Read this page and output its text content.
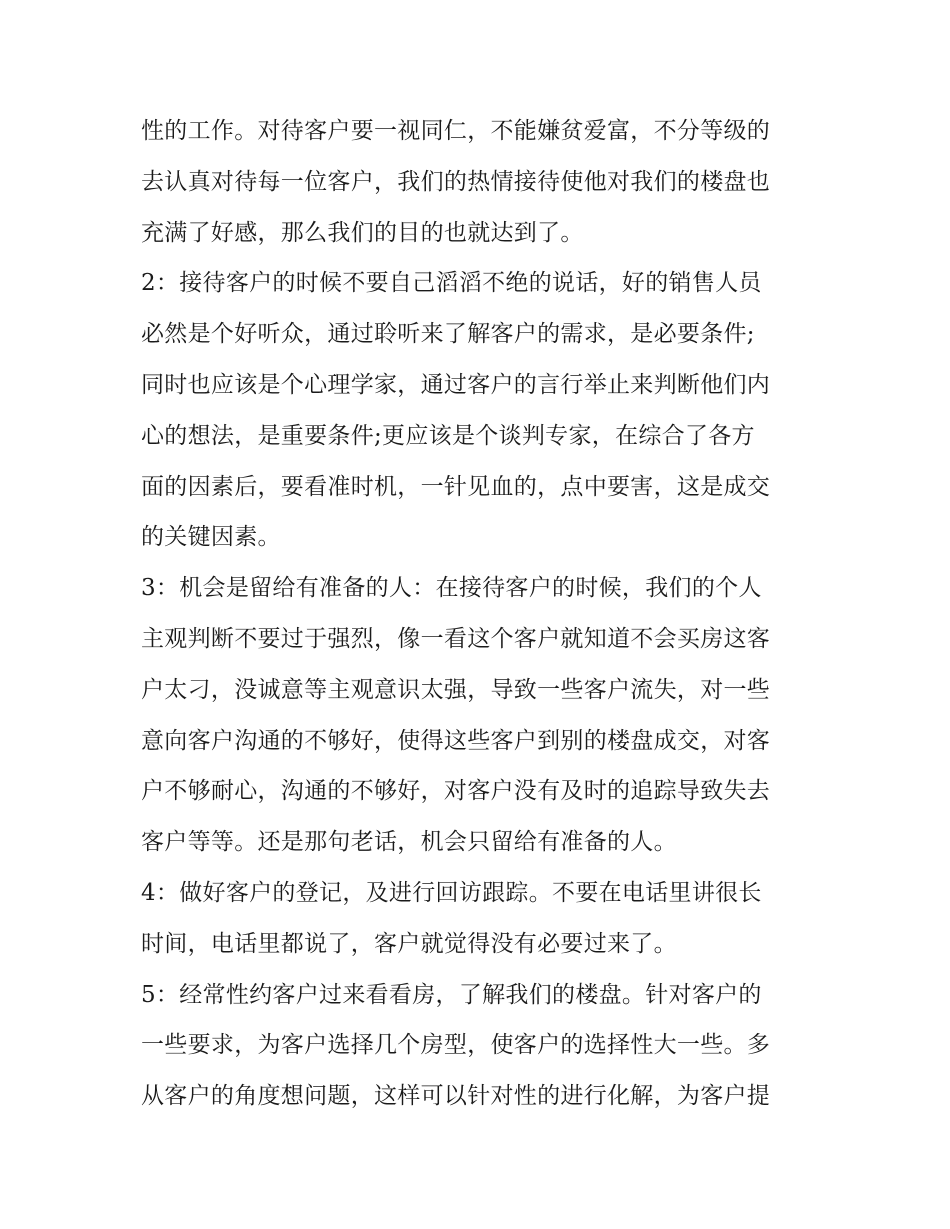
性的工作。对待客户要一视同仁，不能嫌贫爱富，不分等级的
去认真对待每一位客户，我们的热情接待使他对我们的楼盘也
充满了好感，那么我们的目的也就达到了。
2：接待客户的时候不要自己滔滔不绝的说话，好的销售人员
必然是个好听众，通过聆听来了解客户的需求，是必要条件;
同时也应该是个心理学家，通过客户的言行举止来判断他们内
心的想法，是重要条件;更应该是个谈判专家，在综合了各方
面的因素后，要看准时机，一针见血的，点中要害，这是成交
的关键因素。
3：机会是留给有准备的人：在接待客户的时候，我们的个人
主观判断不要过于强烈，像一看这个客户就知道不会买房这客
户太刁，没诚意等主观意识太强，导致一些客户流失，对一些
意向客户沟通的不够好，使得这些客户到别的楼盘成交，对客
户不够耐心，沟通的不够好，对客户没有及时的追踪导致失去
客户等等。还是那句老话，机会只留给有准备的人。
4：做好客户的登记，及进行回访跟踪。不要在电话里讲很长
时间，电话里都说了，客户就觉得没有必要过来了。
5：经常性约客户过来看看房，了解我们的楼盘。针对客户的
一些要求，为客户选择几个房型，使客户的选择性大一些。多
从客户的角度想问题，这样可以针对性的进行化解，为客户提
